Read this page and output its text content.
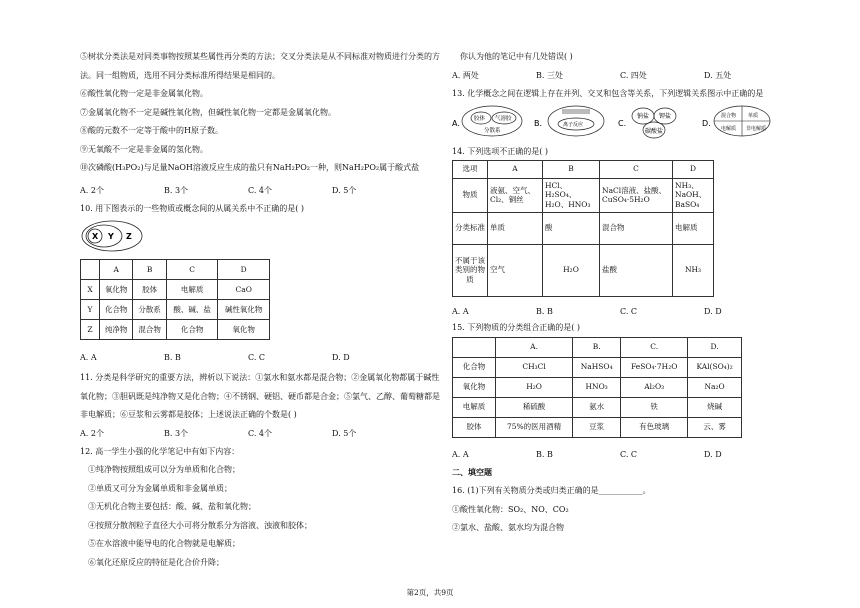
⑤树状分类法是对同类事物按照某些属性再分类的方法；交叉分类法是从不同标准对物质进行分类的方
法。同一组物质，选用不同分类标准所得结果是相同的。
⑥酸性氧化物一定是非金属氧化物。
⑦金属氧化物不一定是碱性氧化物，但碱性氧化物一定都是金属氧化物。
⑧酸的元数不一定等于酸中的H原子数。
⑨无氧酸不一定是非金属的氢化物。
⑩次磷酸(H₃PO₂)与足量NaOH溶液反应生成的盐只有NaH₂PO₂一种，则NaH₂PO₂属于酸式盐
A. 2个	B. 3个	C. 4个	D. 5个
10. 用下图表示的一些物质或概念间的从属关系中不正确的是( )
X Y Z
	A	B	C	D
X	氧化物	胶体	电解质	CaO
Y	化合物	分散系	酸、碱、盐	碱性氧化物
Z	纯净物	混合物	化合物	氧化物
A. A	B. B	C. C	D. D
11. 分类是科学研究的重要方法，辨析以下说法：①氯水和氨水都是混合物；②金属氧化物都属于碱性
氧化物；③胆矾既是纯净物又是化合物；④不锈钢、硬铝、硬币都是合金；⑤氯气、乙醇、葡萄糖都是
非电解质；⑥豆浆和云雾都是胶体；上述说法正确的个数是( )
A. 2个	B. 3个	C. 4个	D. 5个
12. 高一学生小强的化学笔记中有如下内容：
①纯净物按照组成可以分为单质和化合物；
②单质又可分为金属单质和非金属单质；
③无机化合物主要包括：酸、碱、盐和氧化物；
④按照分散剂粒子直径大小可将分散系分为溶液、浊液和胶体；
⑤在水溶液中能导电的化合物就是电解质；
⑥氧化还原反应的特征是化合价升降；
你认为他的笔记中有几处错误( )
A. 两处	B. 三处	C. 四处	D. 五处
13. 化学概念之间在逻辑上存在并列、交叉和包含等关系，下列逻辑关系图示中正确的是
A.	胶体 气溶胶
分散系
B.	离子反应	C.
钠盐 钾盐
碳酸盐
D.
混合物 单质
电解质 非电解质
14. 下列选项不正确的是( )
选项	A	B	C	D
物质	液氨、空气、Cl₂、铜丝	HCl、H₂SO₄、H₂O、HNO₃	NaCl溶液、盐酸、CuSO₄·5H₂O	NH₃、NaOH、BaSO₄
分类标准	单质	酸	混合物	电解质
不属于该类别的物质	空气	H₂O	盐酸	NH₃
A. A	B. B	C. C	D. D
15. 下列物质的分类组合正确的是( )
	A.	B.	C.	D.
化合物	CH₃Cl	NaHSO₄	FeSO₄·7H₂O	KAl(SO₄)₂
氧化物	H₂O	HNO₃	Al₂O₃	Na₂O
电解质	稀硫酸	氨水	铁	烧碱
胶体	75%的医用酒精	豆浆	有色玻璃	云、雾
A. A	B. B	C. C	D. D
二、填空题
16. (1)下列有关物质分类或归类正确的是___________。
①酸性氧化物：SO₂、NO、CO₂
②氯水、盐酸、氨水均为混合物
第2页，共9页
